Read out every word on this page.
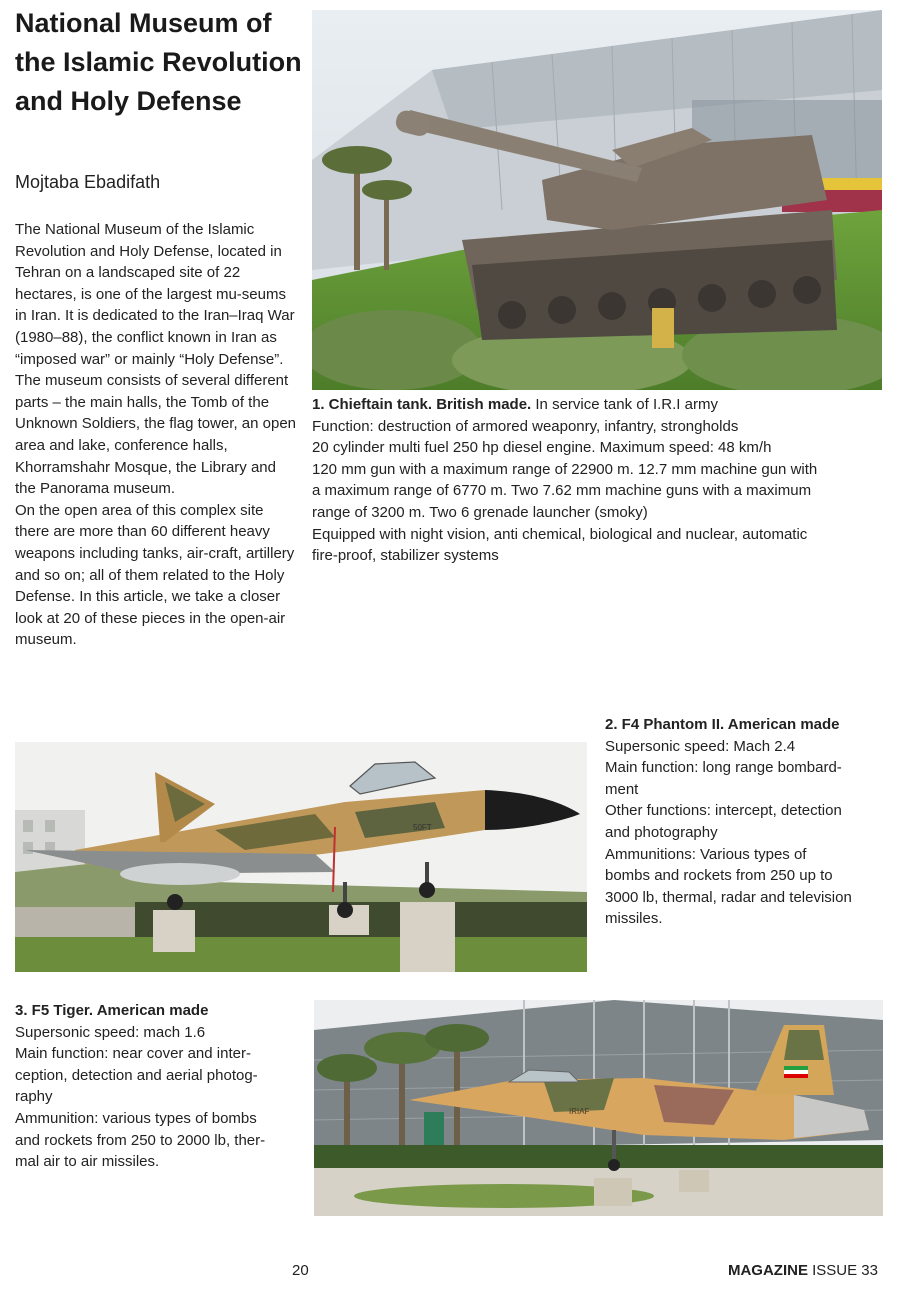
National Museum of the Islamic Revolution and Holy Defense
Mojtaba Ebadifath
The National Museum of the Islamic Revolution and Holy Defense, located in Tehran on a landscaped site of 22 hectares, is one of the largest mu-seums in Iran. It is dedicated to the Iran–Iraq War (1980–88), the conflict known in Iran as “imposed war” or mainly “Holy Defense”. The museum consists of several different parts – the main halls, the Tomb of the Unknown Soldiers, the flag tower, an open area and lake, conference halls, Khorramshahr Mosque, the Library and the Panorama museum.
On the open area of this complex site there are more than 60 different heavy weapons including tanks, air-craft, artillery and so on; all of them related to the Holy Defense. In this article, we take a closer look at 20 of these pieces in the open-air museum.
1. Chieftain tank. British made. In service tank of I.R.I army
Function: destruction of armored weaponry, infantry, strongholds
20 cylinder multi fuel 250 hp diesel engine. Maximum speed: 48 km/h
120 mm gun with a maximum range of 22900 m. 12.7 mm machine gun with
a maximum range of 6770 m. Two 7.62 mm machine guns with a maximum
range of 3200 m. Two 6 grenade launcher (smoky)
Equipped with night vision, anti chemical, biological and nuclear, automatic
fire-proof, stabilizer systems
50FT
2. F4 Phantom II. American made
Supersonic speed: Mach 2.4
Main function: long range bombard-
ment
Other functions: intercept, detection
and photography
Ammunitions: Various types of
bombs and rockets from 250 up to
3000 lb, thermal, radar and television
missiles.
3. F5 Tiger. American made
Supersonic speed: mach 1.6
Main function: near cover and inter-
ception, detection and aerial photog-
raphy
Ammunition: various types of bombs
and rockets from 250 to 2000 lb, ther-
mal air to air missiles.
IRIAF
20	MAGAZINE ISSUE 33
